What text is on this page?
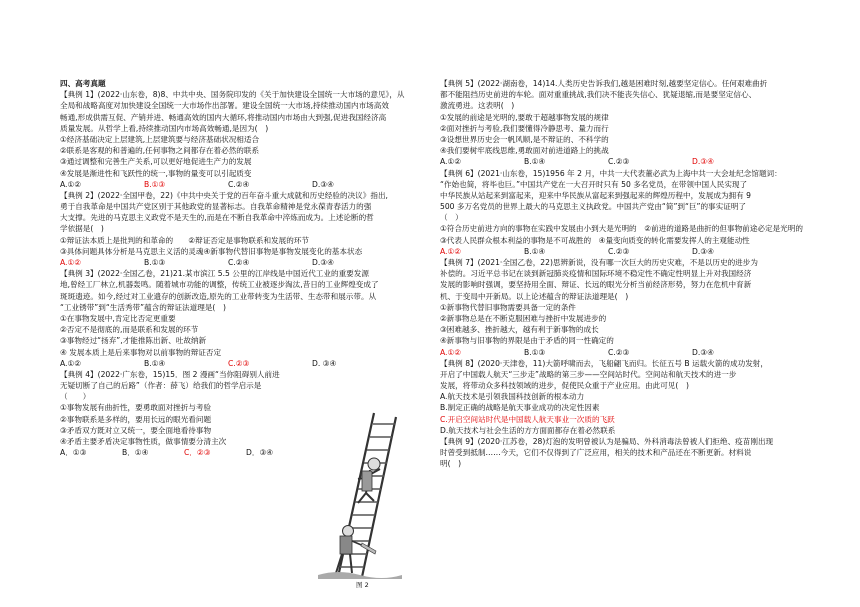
四、高考真题
【典例 1】(2022·山东卷，8)8、中共中央、国务院印发的《关于加快建设全国统一大市场的意见》，从
全局和战略高度对加快建设全国统一大市场作出部署。建设全国统一大市场,持续推动国内市场高效
畅通,形成供需互促、产销并进、畅通高效的国内大循环,将推动国内市场由大到强,促进我国经济高
质量发展。从哲学上看,持续推动国内市场高效畅通,是因为(　)
①经济基础决定上层建筑,上层建筑要与经济基础状况相适合
②联系是客观的和普遍的,任何事物之间都存在着必然的联系
③通过调整和完善生产关系,可以更好地促进生产力的发展
④发展是渐进性和飞跃性的统一,事物的量变可以引起质变
A.①②	B.①③	C.②④	D.③④
【典例 2】(2022·全国甲卷，22)《中共中央关于党的百年奋斗重大成就和历史经验的决议》指出,
勇于自我革命是中国共产党区别于其他政党的显著标志。自我革命精神是党永葆青春活力的强
大支撑。先进的马克思主义政党不是天生的,而是在不断自我革命中淬炼而成为。上述论断的哲
学依据是(　)
①辩证法本质上是批判的和革命的　　②辩证否定是事物联系和发展的环节
③具体问题具体分析是马克思主义活的灵魂④新事物代替旧事物是事物发展变化的基本状态
A.①②	B.①③	C.②④	D.③④
【典例 3】(2022·全国乙卷，21)21.某市滨江 5.5 公里的江岸线是中国近代工业的重要发源
地,曾经工厂林立,机器轰鸣。随着城市功能的调整，传统工业被逐步淘汰,昔日的工业辉煌变成了
斑斑遗迹。如今,经过对工业遗存的创新改造,原先的工业带转变为生活带、生态带和展示带。从
“工业锈带”到“生活秀带”蕴含的辩证法道理是(　)
①在事物发展中,肯定比否定更重要
②否定不是彻底的,而是联系和发展的环节
③事物经过“扬弃”,才能推陈出新、吐故纳新
④ 发展本质上是后来事物对以前事物的辩证否定
A.①②	B.①④	C.②③	D. ③④
【典例 4】(2022·广东卷，15)15．图 2 漫画“当你阻碍别人前进
无疑切断了自己的后路”（作者：薛飞）给我们的哲学启示是
（　　）
①事物发展有曲折性，要勇敢面对挫折与考验
②事物联系是多样的，要用长远的眼光看问题
③矛盾双方既对立又统一，要全面地看待事物
④矛盾主要矛盾决定事物性质，做事情要分清主次
A．①③	B．①④	C．②③	D．③④
图 2
【典例 5】(2022·湖南卷，14)14.人类历史告诉我们,越是困难时刻,越要坚定信心。任何艰难曲折
都不能阻挡历史前进的车轮。面对重重挑战,我们决不能丧失信心、犹疑退缩,而是要坚定信心、
激流勇进。这表明(　)
①发展的前途是光明的,要敢于超越事物发展的规律
②面对挫折与考验,我们要懂得冷静思考、量力而行
③设想世界历史会一帆风顺,是不辩证的、不科学的
④我们要树牢底线思维,勇敢面对前进道路上的挑战
A.①②	B.①④	C.②③	D.③④
【典例 6】(2021·山东卷，15)1956 年 2 月，中共一大代表董必武为上海中共一大会址纪念馆题词：
“作始也简，将毕也巨。”中国共产党在一大召开时只有 50 多名党员，在带领中国人民实现了
中华民族从站起来到富起来，迎来中华民族从富起来到强起来的辉煌历程中，发展成为拥有 9
500 多万名党员的世界上最大的马克思主义执政党。中国共产党由“简”到“巨”的事实证明了
（　）
①符合历史前进方向的事物在实践中发展由小到大是光明的　②前进的道路是曲折的但事物前途必定是光明的
③代表人民群众根本利益的事物是不可战胜的　④量变向质变的转化需要发挥人的主观能动性
A.①②	B.①④	C.②③	D.③④
【典例 7】(2021·全国乙卷，22)思辨新说，没有哪一次巨大的历史灾难，不是以历史的进步为
补偿的。习近平总书记在谈到新冠肺炎疫情和国际环境不稳定性不确定性明显上升对我国经济
发展的影响时强调，要坚持用全面、辩证、长远的眼光分析当前经济形势，努力在危机中育新
机、于变局中开新局。以上论述蕴含的辩证法道理是(　)
①新事物代替旧事物需要具备一定的条件
②新事物总是在不断克服困难与挫折中发展进步的
③困难越多、挫折越大，越有利于新事物的成长
④新事物与旧事物的界限是由于矛盾的同一性确定的
A.①②	B.①③	C.②③	D.③④
【典例 8】(2020·天津卷，11)大箭呼啸而去，飞船翩飞而归。长征五号 B 运载火箭的成功发射，
开启了中国载人航天“三步走”战略的第三步——空间站时代。空间站和航天技术的进一步
发展，将带动众多科技领域的进步，促使民众重于产业应用。由此可见(　)
A.航天技术是引领我国科技创新的根本动力
B.制定正确的战略是航天事业成功的决定性因素
C.开启空间站时代是中国载人航天事业一次质的飞跃
D.航天技术与社会生活的方方面面都存在着必然联系
【典例 9】(2020·江苏卷，28)灯泡的发明曾被认为是骗局、外科消毒法曾被人们拒绝、疫苗刚出现
时曾受到抵制……今天，它们不仅得到了广泛应用，相关的技术和产品还在不断更新。材料说
明(　)
